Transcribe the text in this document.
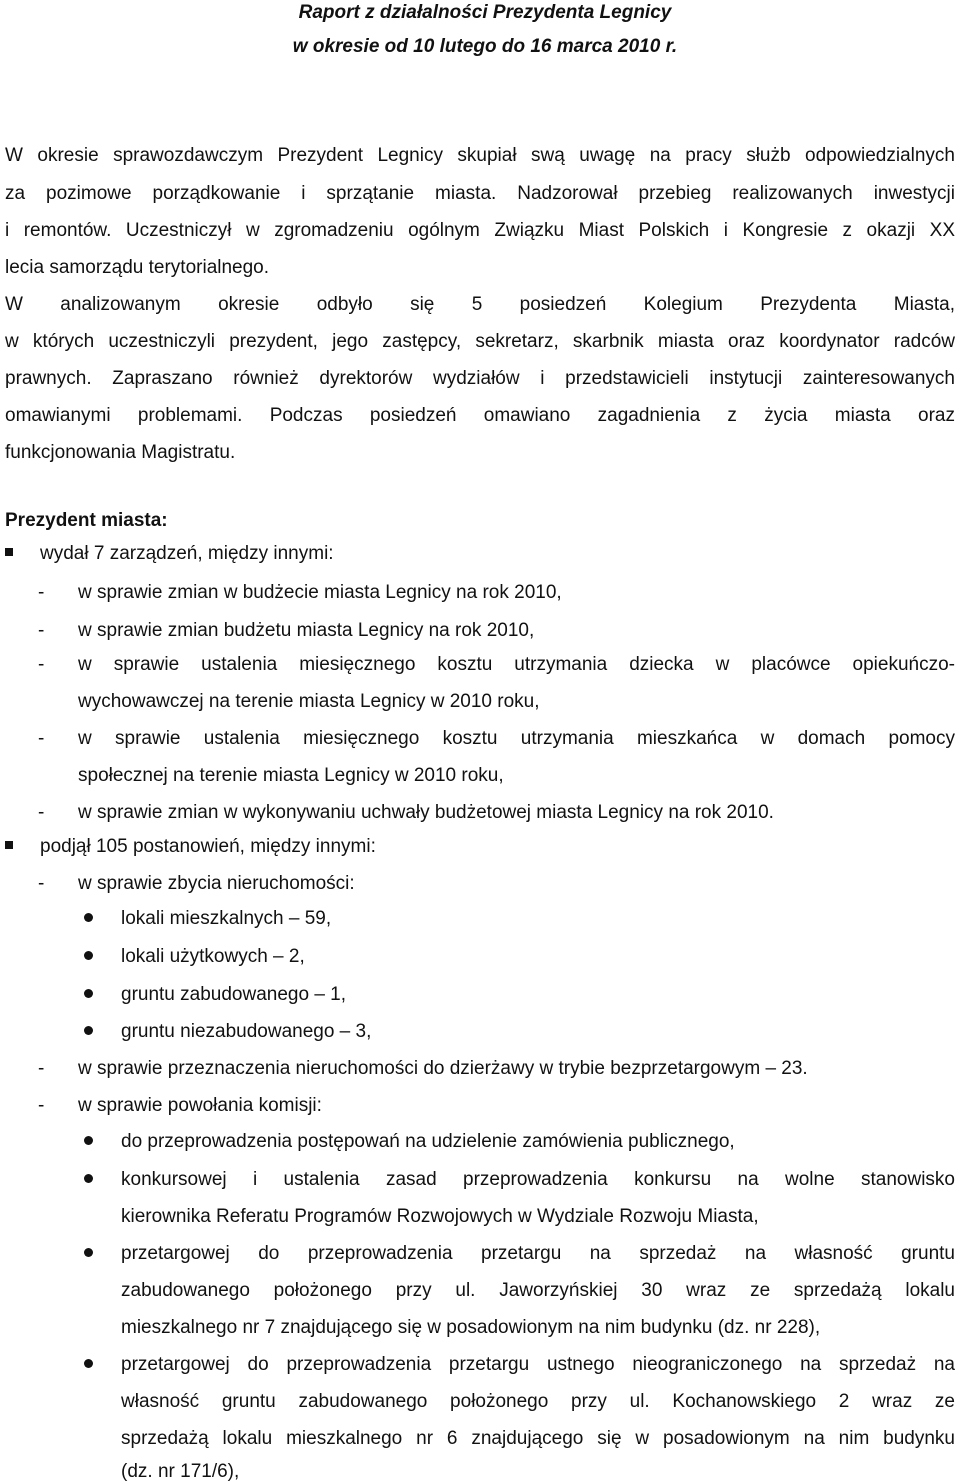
Raport z działalności Prezydenta Legnicy
w okresie od 10 lutego do 16 marca 2010 r.
W okresie sprawozdawczym Prezydent Legnicy skupiał swą uwagę na pracy służb odpowiedzialnych
za pozimowe porządkowanie i sprzątanie miasta. Nadzorował przebieg realizowanych inwestycji
i remontów. Uczestniczył w zgromadzeniu ogólnym Związku Miast Polskich i Kongresie z okazji XX
lecia samorządu terytorialnego.
W analizowanym okresie odbyło się 5 posiedzeń Kolegium Prezydenta Miasta,
w których uczestniczyli prezydent, jego zastępcy, sekretarz, skarbnik miasta oraz koordynator radców
prawnych. Zapraszano również dyrektorów wydziałów i przedstawicieli instytucji zainteresowanych
omawianymi problemami. Podczas posiedzeń omawiano zagadnienia z życia miasta oraz
funkcjonowania Magistratu.
Prezydent miasta:
wydał 7 zarządzeń, między innymi:
- w sprawie zmian w budżecie miasta Legnicy na rok 2010,
- w sprawie zmian budżetu miasta Legnicy na rok 2010,
- w sprawie ustalenia miesięcznego kosztu utrzymania dziecka w placówce opiekuńczo-
wychowawczej na terenie miasta Legnicy w 2010 roku,
- w sprawie ustalenia miesięcznego kosztu utrzymania mieszkańca w domach pomocy
społecznej na terenie miasta Legnicy w 2010 roku,
- w sprawie zmian w wykonywaniu uchwały budżetowej miasta Legnicy na rok 2010.
podjął 105 postanowień, między innymi:
- w sprawie zbycia nieruchomości:
lokali mieszkalnych – 59,
lokali użytkowych – 2,
gruntu zabudowanego – 1,
gruntu niezabudowanego – 3,
- w sprawie przeznaczenia nieruchomości do dzierżawy w trybie bezprzetargowym – 23.
- w sprawie powołania komisji:
do przeprowadzenia postępowań na udzielenie zamówienia publicznego,
konkursowej i ustalenia zasad przeprowadzenia konkursu na wolne stanowisko
kierownika Referatu Programów Rozwojowych w Wydziale Rozwoju Miasta,
przetargowej do przeprowadzenia przetargu na sprzedaż na własność gruntu
zabudowanego położonego przy ul. Jaworzyńskiej 30 wraz ze sprzedażą lokalu
mieszkalnego nr 7 znajdującego się w posadowionym na nim budynku (dz. nr 228),
przetargowej do przeprowadzenia przetargu ustnego nieograniczonego na sprzedaż na
własność gruntu zabudowanego położonego przy ul. Kochanowskiego 2 wraz ze
sprzedażą lokalu mieszkalnego nr 6 znajdującego się w posadowionym na nim budynku
(dz. nr 171/6),
